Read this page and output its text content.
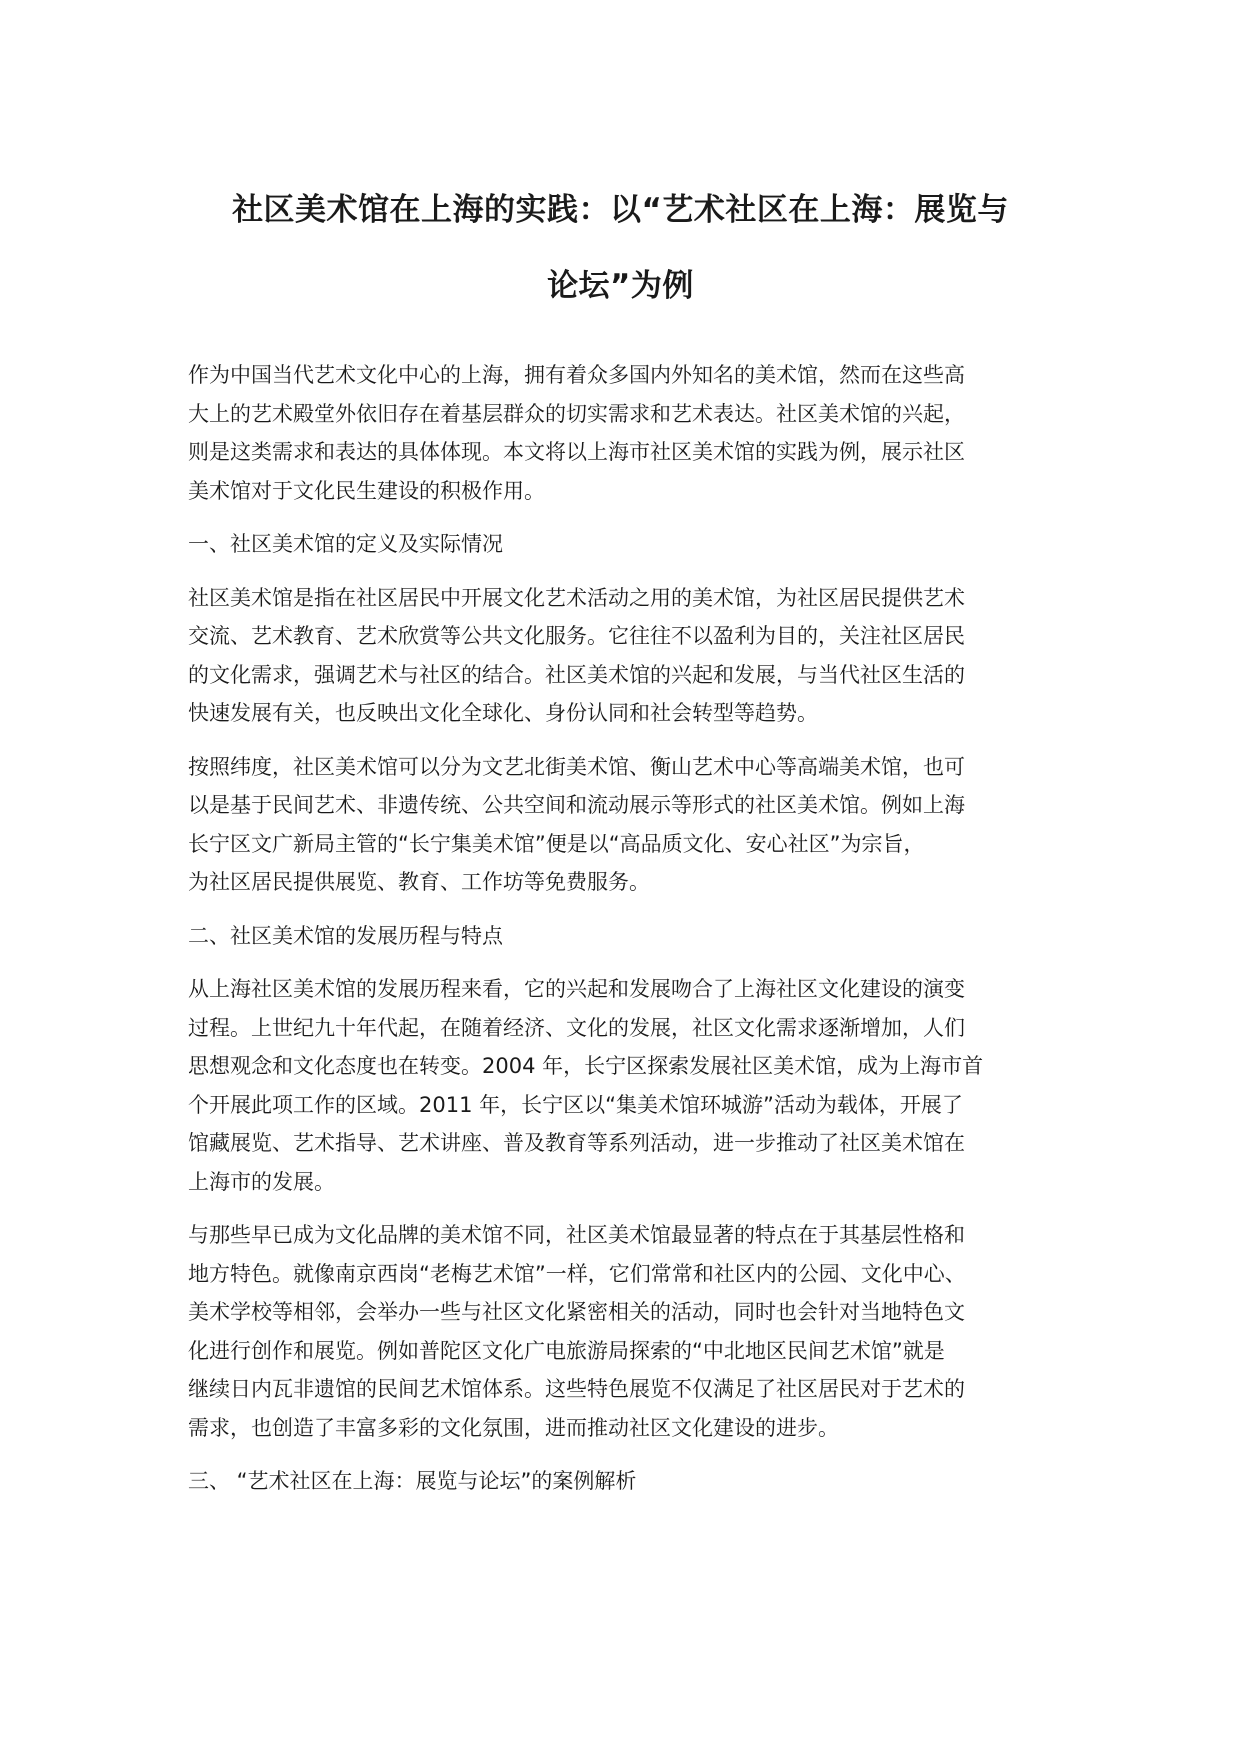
社区美术馆在上海的实践：以“艺术社区在上海：展览与
论坛”为例

作为中国当代艺术文化中心的上海，拥有着众多国内外知名的美术馆，然而在这些高
大上的艺术殿堂外依旧存在着基层群众的切实需求和艺术表达。社区美术馆的兴起，
则是这类需求和表达的具体体现。本文将以上海市社区美术馆的实践为例，展示社区
美术馆对于文化民生建设的积极作用。

一、社区美术馆的定义及实际情况

社区美术馆是指在社区居民中开展文化艺术活动之用的美术馆，为社区居民提供艺术
交流、艺术教育、艺术欣赏等公共文化服务。它往往不以盈利为目的，关注社区居民
的文化需求，强调艺术与社区的结合。社区美术馆的兴起和发展，与当代社区生活的
快速发展有关，也反映出文化全球化、身份认同和社会转型等趋势。

按照纬度，社区美术馆可以分为文艺北街美术馆、衡山艺术中心等高端美术馆，也可
以是基于民间艺术、非遗传统、公共空间和流动展示等形式的社区美术馆。例如上海
长宁区文广新局主管的“长宁集美术馆”便是以“高品质文化、安心社区”为宗旨，
为社区居民提供展览、教育、工作坊等免费服务。

二、社区美术馆的发展历程与特点

从上海社区美术馆的发展历程来看，它的兴起和发展吻合了上海社区文化建设的演变
过程。上世纪九十年代起，在随着经济、文化的发展，社区文化需求逐渐增加，人们
思想观念和文化态度也在转变。2004 年，长宁区探索发展社区美术馆，成为上海市首
个开展此项工作的区域。2011 年，长宁区以“集美术馆环城游”活动为载体，开展了
馆藏展览、艺术指导、艺术讲座、普及教育等系列活动，进一步推动了社区美术馆在
上海市的发展。

与那些早已成为文化品牌的美术馆不同，社区美术馆最显著的特点在于其基层性格和
地方特色。就像南京西岗“老梅艺术馆”一样，它们常常和社区内的公园、文化中心、
美术学校等相邻，会举办一些与社区文化紧密相关的活动，同时也会针对当地特色文
化进行创作和展览。例如普陀区文化广电旅游局探索的“中北地区民间艺术馆”就是
继续日内瓦非遗馆的民间艺术馆体系。这些特色展览不仅满足了社区居民对于艺术的
需求，也创造了丰富多彩的文化氛围，进而推动社区文化建设的进步。

三、 “艺术社区在上海：展览与论坛”的案例解析
